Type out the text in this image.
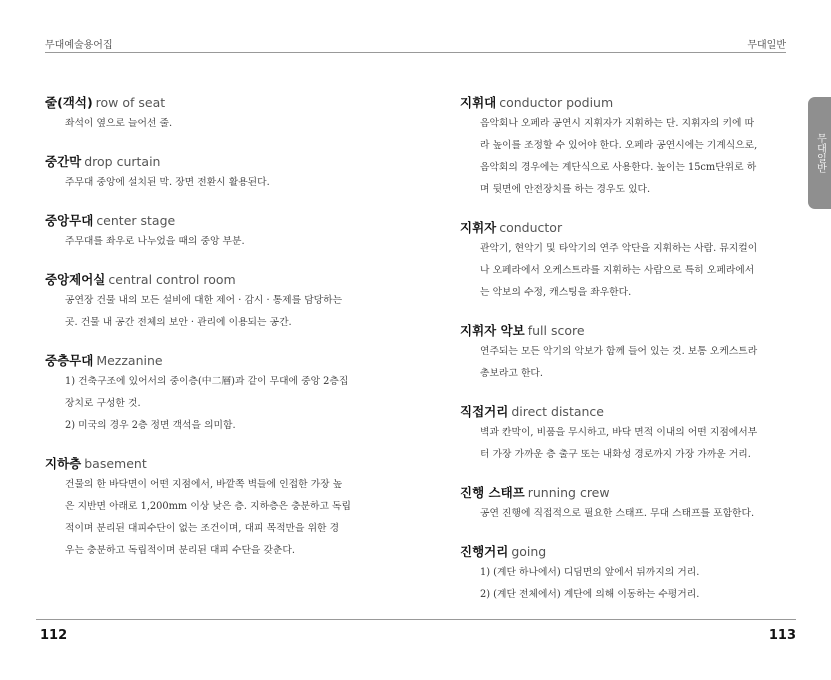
무대예술용어집	무대일반
무대일반
줄(객석) row of seat
좌석이 옆으로 늘어선 줄.
중간막 drop curtain
주무대 중앙에 설치된 막. 장면 전환시 활용된다.
중앙무대 center stage
주무대를 좌우로 나누었을 때의 중앙 부분.
중앙제어실 central control room
공연장 건물 내의 모든 설비에 대한 제어 · 감시 · 통제를 담당하는
곳. 건물 내 공간 전체의 보안 · 관리에 이용되는 공간.
중층무대 Mezzanine
1) 건축구조에 있어서의 중이층(中二層)과 같이 무대에 중앙 2층집
장치로 구성한 것.
2) 미국의 경우 2층 정면 객석을 의미함.
지하층 basement
건물의 한 바닥면이 어떤 지점에서, 바깥쪽 벽들에 인접한 가장 높
은 지반면 아래로 1,200mm 이상 낮은 층. 지하층은 충분하고 독립
적이며 분리된 대피수단이 없는 조건이며, 대피 목적만을 위한 경
우는 충분하고 독립적이며 분리된 대피 수단을 갖춘다.
지휘대 conductor podium
음악회나 오페라 공연시 지휘자가 지휘하는 단. 지휘자의 키에 따
라 높이를 조정할 수 있어야 한다. 오페라 공연시에는 기계식으로,
음악회의 경우에는 계단식으로 사용한다. 높이는 15cm단위로 하
며 뒷면에 안전장치를 하는 경우도 있다.
지휘자 conductor
관악기, 현악기 및 타악기의 연주 악단을 지휘하는 사람. 뮤지컬이
나 오페라에서 오케스트라를 지휘하는 사람으로 특히 오페라에서
는 악보의 수정, 캐스팅을 좌우한다.
지휘자 악보 full score
연주되는 모든 악기의 악보가 함께 들어 있는 것. 보통 오케스트라
총보라고 한다.
직접거리 direct distance
벽과 칸막이, 비품을 무시하고, 바닥 면적 이내의 어떤 지점에서부
터 가장 가까운 층 출구 또는 내화성 경로까지 가장 가까운 거리.
진행 스태프 running crew
공연 진행에 직접적으로 필요한 스태프. 무대 스태프를 포함한다.
진행거리 going
1) (계단 하나에서) 디딤면의 앞에서 뒤까지의 거리.
2) (계단 전체에서) 계단에 의해 이동하는 수평거리.
112	113
